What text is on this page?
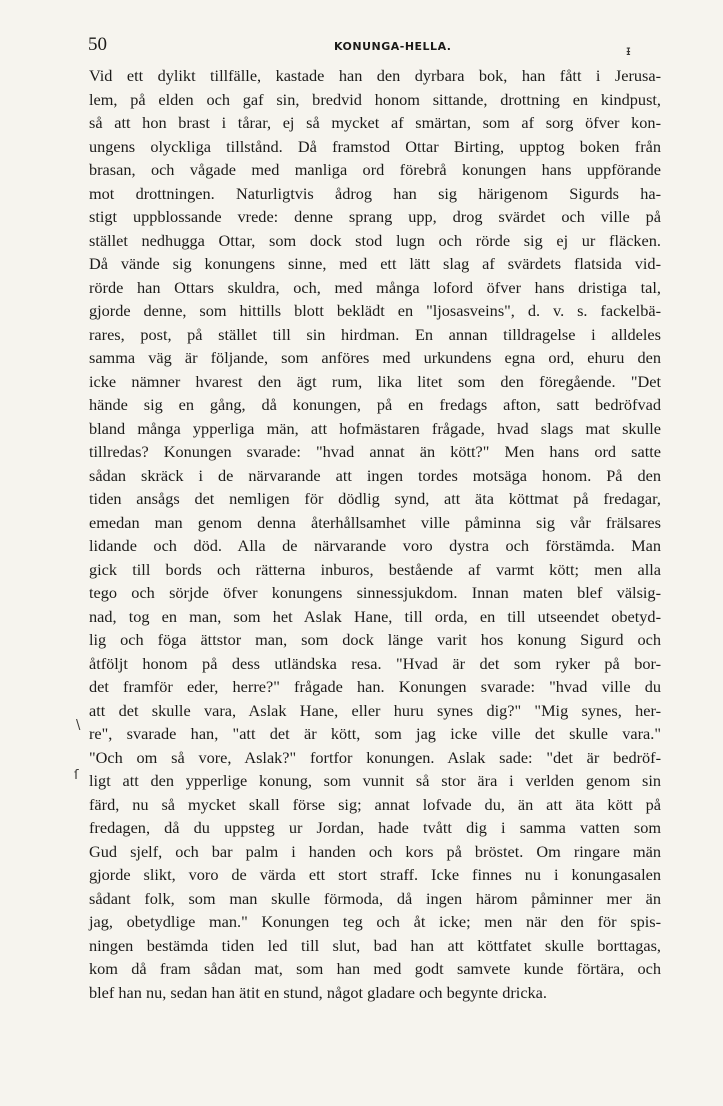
50	KONUNGA-HELLA.	ᵻ
\
ſ
Vid ett dylikt tillfälle, kastade han den dyrbara bok, han fått i Jerusa-
lem, på elden och gaf sin, bredvid honom sittande, drottning en kindpust,
så att hon brast i tårar, ej så mycket af smärtan, som af sorg öfver kon-
ungens olyckliga tillstånd. Då framstod Ottar Birting, upptog boken från
brasan, och vågade med manliga ord förebrå konungen hans uppförande
mot drottningen. Naturligtvis ådrog han sig härigenom Sigurds ha-
stigt uppblossande vrede: denne sprang upp, drog svärdet och ville på
stället nedhugga Ottar, som dock stod lugn och rörde sig ej ur fläcken.
Då vände sig konungens sinne, med ett lätt slag af svärdets flatsida vid-
rörde han Ottars skuldra, och, med många loford öfver hans dristiga tal,
gjorde denne, som hittills blott beklädt en "ljosasveins", d. v. s. fackelbä-
rares, post, på stället till sin hirdman. En annan tilldragelse i alldeles
samma väg är följande, som anföres med urkundens egna ord, ehuru den
icke nämner hvarest den ägt rum, lika litet som den föregående. "Det
hände sig en gång, då konungen, på en fredags afton, satt bedröfvad
bland många ypperliga män, att hofmästaren frågade, hvad slags mat skulle
tillredas? Konungen svarade: "hvad annat än kött?" Men hans ord satte
sådan skräck i de närvarande att ingen tordes motsäga honom. På den
tiden ansågs det nemligen för dödlig synd, att äta köttmat på fredagar,
emedan man genom denna återhållsamhet ville påminna sig vår frälsares
lidande och död. Alla de närvarande voro dystra och förstämda. Man
gick till bords och rätterna inburos, bestående af varmt kött; men alla
tego och sörjde öfver konungens sinnessjukdom. Innan maten blef välsig-
nad, tog en man, som het Aslak Hane, till orda, en till utseendet obetyd-
lig och föga ättstor man, som dock länge varit hos konung Sigurd och
åtföljt honom på dess utländska resa. "Hvad är det som ryker på bor-
det framför eder, herre?" frågade han. Konungen svarade: "hvad ville du
att det skulle vara, Aslak Hane, eller huru synes dig?" "Mig synes, her-
re", svarade han, "att det är kött, som jag icke ville det skulle vara."
"Och om så vore, Aslak?" fortfor konungen. Aslak sade: "det är bedröf-
ligt att den ypperlige konung, som vunnit så stor ära i verlden genom sin
färd, nu så mycket skall förse sig; annat lofvade du, än att äta kött på
fredagen, då du uppsteg ur Jordan, hade tvått dig i samma vatten som
Gud sjelf, och bar palm i handen och kors på bröstet. Om ringare män
gjorde slikt, voro de värda ett stort straff. Icke finnes nu i konungasalen
sådant folk, som man skulle förmoda, då ingen härom påminner mer än
jag, obetydlige man." Konungen teg och åt icke; men när den för spis-
ningen bestämda tiden led till slut, bad han att köttfatet skulle borttagas,
kom då fram sådan mat, som han med godt samvete kunde förtära, och
blef han nu, sedan han ätit en stund, något gladare och begynte dricka.
